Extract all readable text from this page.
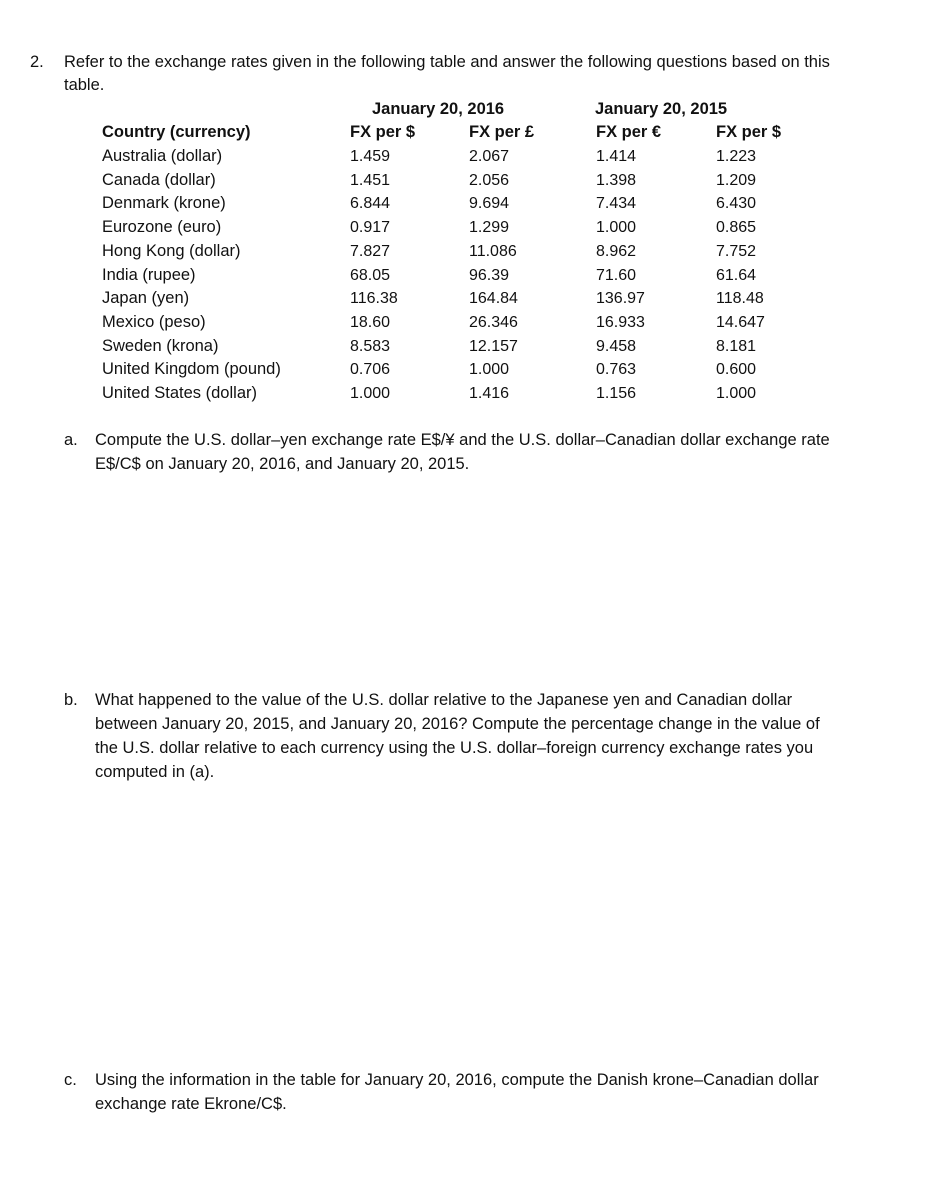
2. Refer to the exchange rates given in the following table and answer the following questions based on this
table.
January 20, 2016	January 20, 2015
Country (currency)	FX per $	FX per £	FX per €	FX per $
Australia (dollar)	1.459	2.067	1.414	1.223
Canada (dollar)	1.451	2.056	1.398	1.209
Denmark (krone)	6.844	9.694	7.434	6.430
Eurozone (euro)	0.917	1.299	1.000	0.865
Hong Kong (dollar)	7.827	11.086	8.962	7.752
India (rupee)	68.05	96.39	71.60	61.64
Japan (yen)	116.38	164.84	136.97	118.48
Mexico (peso)	18.60	26.346	16.933	14.647
Sweden (krona)	8.583	12.157	9.458	8.181
United Kingdom (pound)	0.706	1.000	0.763	0.600
United States (dollar)	1.000	1.416	1.156	1.000
a. Compute the U.S. dollar–yen exchange rate E$/¥ and the U.S. dollar–Canadian dollar exchange rate
E$/C$ on January 20, 2016, and January 20, 2015.
b. What happened to the value of the U.S. dollar relative to the Japanese yen and Canadian dollar
between January 20, 2015, and January 20, 2016? Compute the percentage change in the value of
the U.S. dollar relative to each currency using the U.S. dollar–foreign currency exchange rates you
computed in (a).
c. Using the information in the table for January 20, 2016, compute the Danish krone–Canadian dollar
exchange rate Ekrone/C$.
